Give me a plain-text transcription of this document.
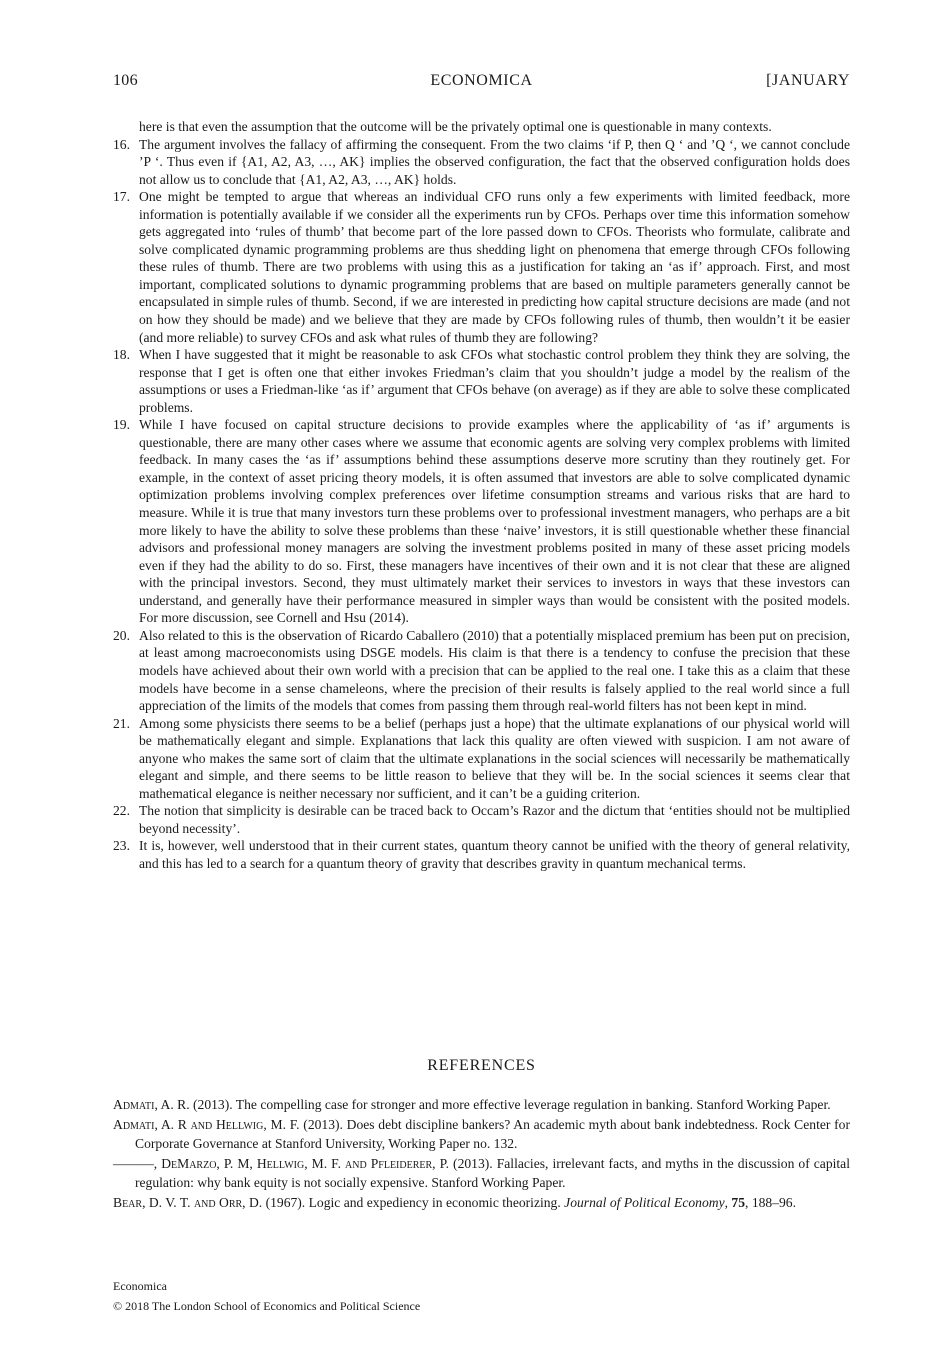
106	ECONOMICA	[JANUARY

here is that even the assumption that the outcome will be the privately optimal one is questionable in many contexts.

16. The argument involves the fallacy of affirming the consequent. From the two claims ‘if P, then Q ‘ and ’Q ‘, we cannot conclude ’P ‘. Thus even if {A1, A2, A3, …, AK} implies the observed configuration, the fact that the observed configuration holds does not allow us to conclude that {A1, A2, A3, …, AK} holds.

17. One might be tempted to argue that whereas an individual CFO runs only a few experiments with limited feedback, more information is potentially available if we consider all the experiments run by CFOs. Perhaps over time this information somehow gets aggregated into ‘rules of thumb’ that become part of the lore passed down to CFOs. Theorists who formulate, calibrate and solve complicated dynamic programming problems are thus shedding light on phenomena that emerge through CFOs following these rules of thumb. There are two problems with using this as a justification for taking an ‘as if’ approach. First, and most important, complicated solutions to dynamic programming problems that are based on multiple parameters generally cannot be encapsulated in simple rules of thumb. Second, if we are interested in predicting how capital structure decisions are made (and not on how they should be made) and we believe that they are made by CFOs following rules of thumb, then wouldn’t it be easier (and more reliable) to survey CFOs and ask what rules of thumb they are following?

18. When I have suggested that it might be reasonable to ask CFOs what stochastic control problem they think they are solving, the response that I get is often one that either invokes Friedman’s claim that you shouldn’t judge a model by the realism of the assumptions or uses a Friedman-like ‘as if’ argument that CFOs behave (on average) as if they are able to solve these complicated problems.

19. While I have focused on capital structure decisions to provide examples where the applicability of ‘as if’ arguments is questionable, there are many other cases where we assume that economic agents are solving very complex problems with limited feedback. In many cases the ‘as if’ assumptions behind these assumptions deserve more scrutiny than they routinely get. For example, in the context of asset pricing theory models, it is often assumed that investors are able to solve complicated dynamic optimization problems involving complex preferences over lifetime consumption streams and various risks that are hard to measure. While it is true that many investors turn these problems over to professional investment managers, who perhaps are a bit more likely to have the ability to solve these problems than these ‘naive’ investors, it is still questionable whether these financial advisors and professional money managers are solving the investment problems posited in many of these asset pricing models even if they had the ability to do so. First, these managers have incentives of their own and it is not clear that these are aligned with the principal investors. Second, they must ultimately market their services to investors in ways that these investors can understand, and generally have their performance measured in simpler ways than would be consistent with the posited models. For more discussion, see Cornell and Hsu (2014).

20. Also related to this is the observation of Ricardo Caballero (2010) that a potentially misplaced premium has been put on precision, at least among macroeconomists using DSGE models. His claim is that there is a tendency to confuse the precision that these models have achieved about their own world with a precision that can be applied to the real one. I take this as a claim that these models have become in a sense chameleons, where the precision of their results is falsely applied to the real world since a full appreciation of the limits of the models that comes from passing them through real-world filters has not been kept in mind.

21. Among some physicists there seems to be a belief (perhaps just a hope) that the ultimate explanations of our physical world will be mathematically elegant and simple. Explanations that lack this quality are often viewed with suspicion. I am not aware of anyone who makes the same sort of claim that the ultimate explanations in the social sciences will necessarily be mathematically elegant and simple, and there seems to be little reason to believe that they will be. In the social sciences it seems clear that mathematical elegance is neither necessary nor sufficient, and it can’t be a guiding criterion.

22. The notion that simplicity is desirable can be traced back to Occam’s Razor and the dictum that ‘entities should not be multiplied beyond necessity’.

23. It is, however, well understood that in their current states, quantum theory cannot be unified with the theory of general relativity, and this has led to a search for a quantum theory of gravity that describes gravity in quantum mechanical terms.

REFERENCES

Admati, A. R. (2013). The compelling case for stronger and more effective leverage regulation in banking. Stanford Working Paper.

Admati, A. R and Hellwig, M. F. (2013). Does debt discipline bankers? An academic myth about bank indebtedness. Rock Center for Corporate Governance at Stanford University, Working Paper no. 132.

———, DeMarzo, P. M, Hellwig, M. F. and Pfleiderer, P. (2013). Fallacies, irrelevant facts, and myths in the discussion of capital regulation: why bank equity is not socially expensive. Stanford Working Paper.

Bear, D. V. T. and Orr, D. (1967). Logic and expediency in economic theorizing. Journal of Political Economy, 75, 188–96.

Economica
© 2018 The London School of Economics and Political Science
